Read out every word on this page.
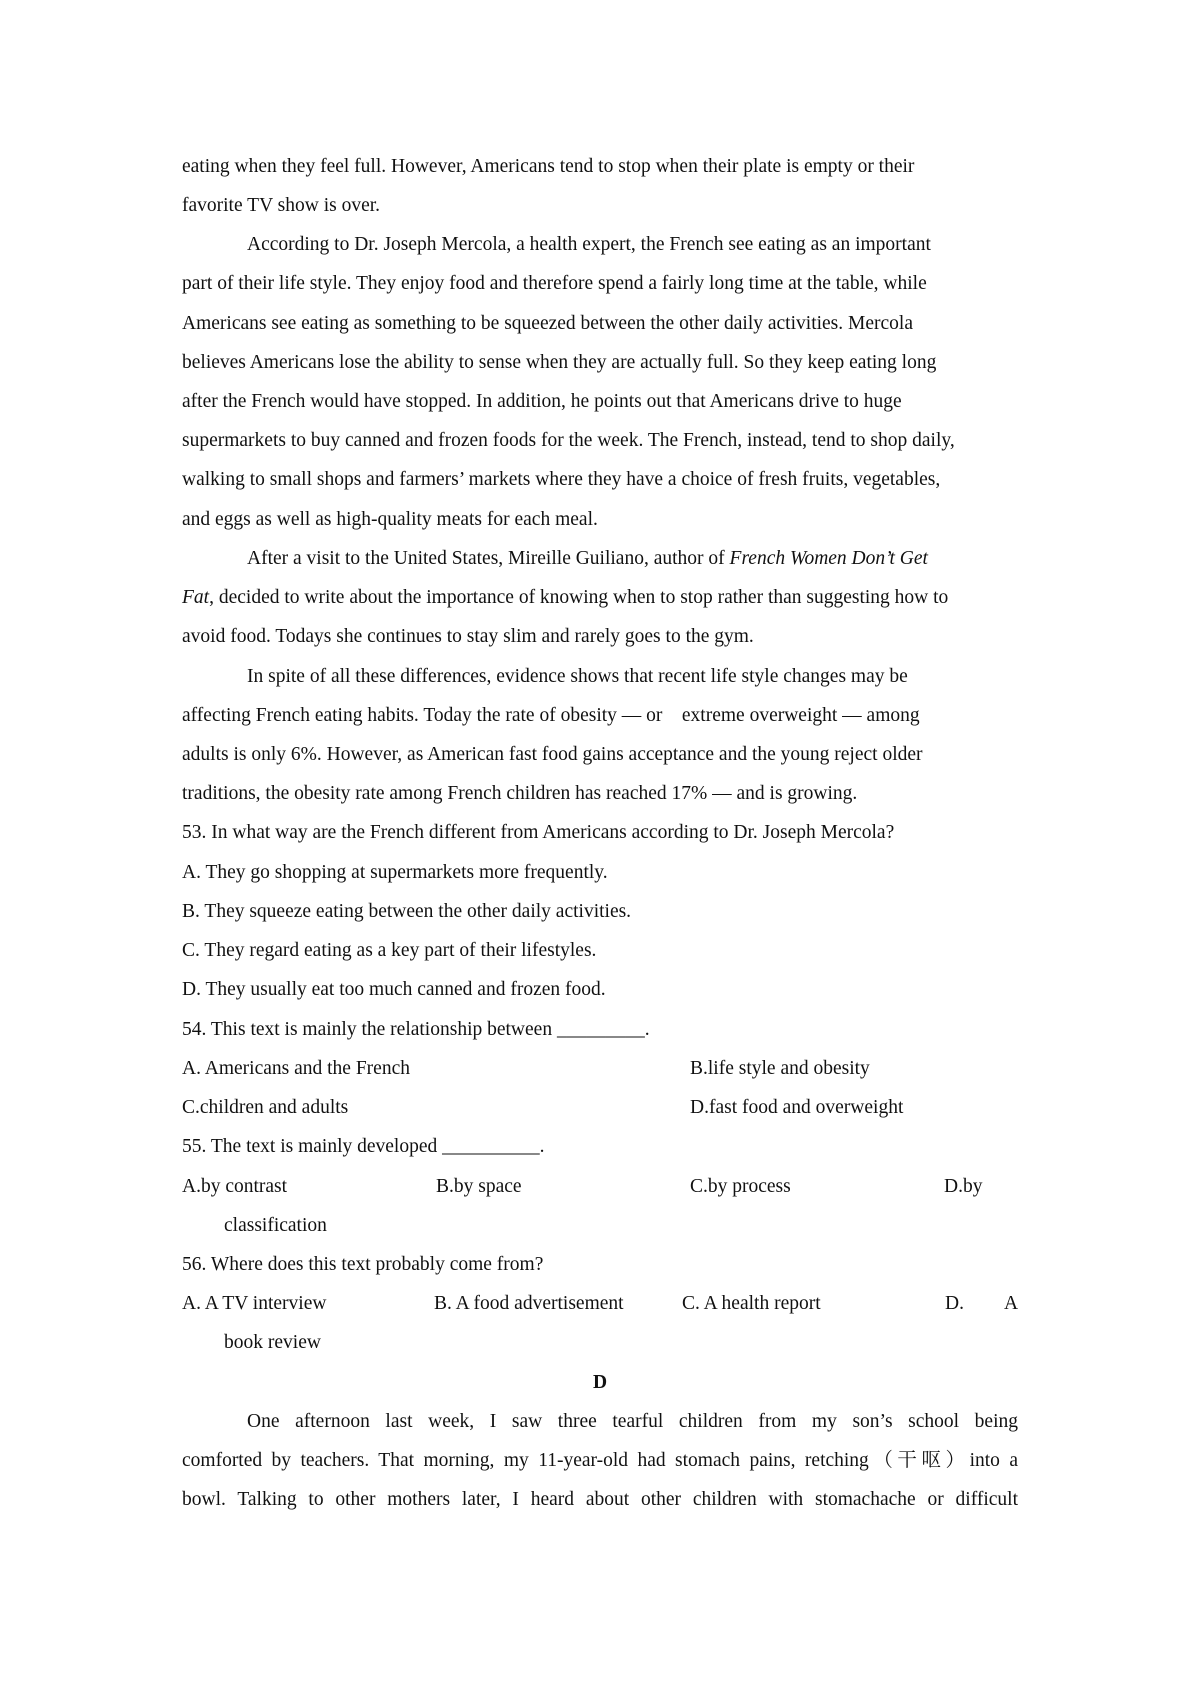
eating when they feel full. However, Americans tend to stop when their plate is empty or their
favorite TV show is over.
According to Dr. Joseph Mercola, a health expert, the French see eating as an important
part of their life style. They enjoy food and therefore spend a fairly long time at the table, while
Americans see eating as something to be squeezed between the other daily activities. Mercola
believes Americans lose the ability to sense when they are actually full. So they keep eating long
after the French would have stopped. In addition, he points out that Americans drive to huge
supermarkets to buy canned and frozen foods for the week. The French, instead, tend to shop daily,
walking to small shops and farmers’ markets where they have a choice of fresh fruits, vegetables,
and eggs as well as high-quality meats for each meal.
After a visit to the United States, Mireille Guiliano, author of French Women Don’t Get
Fat, decided to write about the importance of knowing when to stop rather than suggesting how to
avoid food. Todays she continues to stay slim and rarely goes to the gym.
In spite of all these differences, evidence shows that recent life style changes may be
affecting French eating habits. Today the rate of obesity — or    extreme overweight — among
adults is only 6%. However, as American fast food gains acceptance and the young reject older
traditions, the obesity rate among French children has reached 17% — and is growing.
53. In what way are the French different from Americans according to Dr. Joseph Mercola?
A. They go shopping at supermarkets more frequently.
B. They squeeze eating between the other daily activities.
C. They regard eating as a key part of their lifestyles.
D. They usually eat too much canned and frozen food.
54. This text is mainly the relationship between _________.
A. Americans and the French	B.life style and obesity
C.children and adults	D.fast food and overweight
55. The text is mainly developed __________.
A.by contrast	B.by space	C.by process	D.by
classification
56. Where does this text probably come from?
A. A TV interview	B. A food advertisement	C. A health report	D. A
book review
D
One afternoon last week, I saw three tearful children from my son’s school being
comforted by teachers. That morning, my 11-year-old had stomach pains, retching（干呕）into a
bowl. Talking to other mothers later, I heard about other children with stomachache or difficult
